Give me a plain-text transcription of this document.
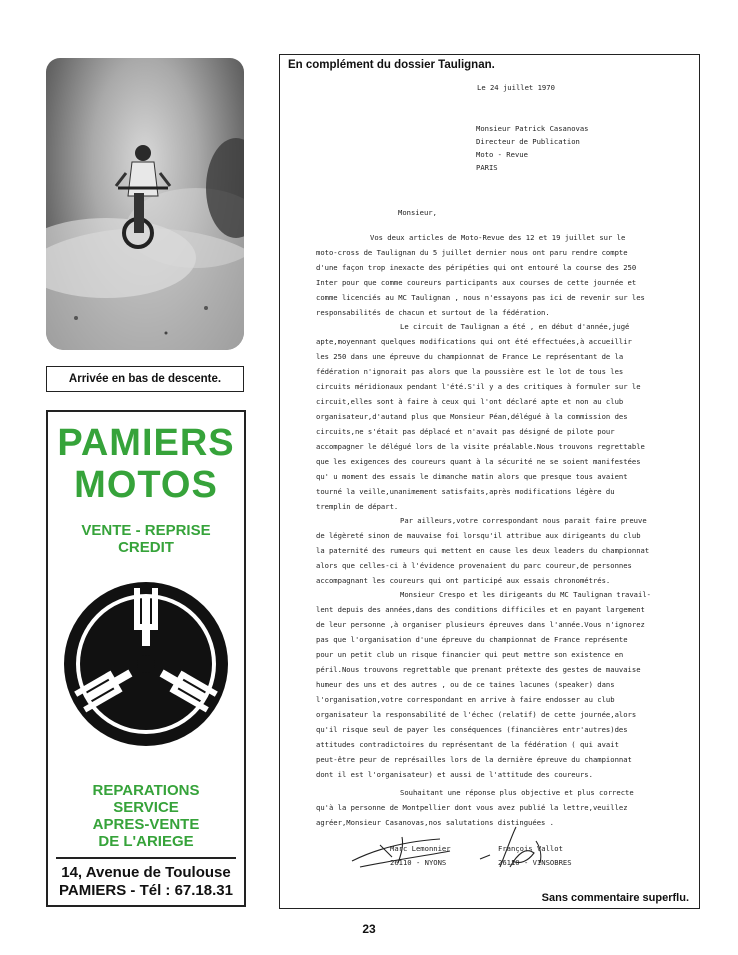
Arrivée en bas de descente.
PAMIERS
MOTOS
VENTE - REPRISE
CREDIT
REPARATIONS
SERVICE
APRES-VENTE
DE L'ARIEGE
14, Avenue de Toulouse
PAMIERS - Tél : 67.18.31
En complément du dossier Taulignan.
Le 24 juillet 1970
Monsieur Patrick Casanovas
Directeur de Publication
Moto - Revue
PARIS
Monsieur,
Vos deux articles de Moto-Revue des 12 et 19 juillet sur le
moto-cross de Taulignan du 5 juillet dernier nous ont paru rendre compte
d'une façon trop inexacte des péripéties qui ont entouré la course des 250
Inter pour que comme coureurs participants aux courses de cette journée et
comme licenciés au MC Taulignan , nous n'essayons pas ici de revenir sur les
responsabilités de chacun et surtout de la fédération.
Le circuit de Taulignan a été , en début d'année,jugé
apte,moyennant quelques modifications qui ont été effectuées,à accueillir
les 250 dans une épreuve du championnat de France Le représentant de la
fédération n'ignorait pas alors que la poussière est le lot de tous les
circuits méridionaux pendant l'été.S'il y a des critiques à formuler sur le
circuit,elles sont à faire à ceux qui l'ont déclaré apte et non au club
organisateur,d'autand plus que Monsieur Péan,délégué à la commission des
circuits,ne s'était pas déplacé et n'avait pas désigné de pilote pour
accompagner le délégué lors de la visite préalable.Nous trouvons regrettable
que les exigences des coureurs quant à la sécurité ne se soient manifestées
qu' u moment des essais le dimanche matin alors que presque tous avaient
tourné la veille,unanimement satisfaits,après modifications légère du
tremplin de départ.
Par ailleurs,votre correspondant nous parait faire preuve
de légèreté sinon de mauvaise foi lorsqu'il attribue aux dirigeants du club
la paternité des rumeurs qui mettent en cause les deux leaders du championnat
alors que celles-ci à l'évidence provenaient du parc coureur,de personnes
accompagnant les coureurs qui ont participé aux essais chronométrés.
Monsieur Crespo et les dirigeants du MC Taulignan travail-
lent depuis des années,dans des conditions difficiles et en payant largement
de leur personne ,à organiser plusieurs épreuves dans l'année.Vous n'ignorez
pas que l'organisation d'une épreuve du championnat de France représente
pour un petit club un risque financier qui peut mettre son existence en
péril.Nous trouvons regrettable que prenant prétexte des gestes de mauvaise
humeur des uns et des autres , ou de ce taines lacunes (speaker) dans
l'organisation,votre correspondant en arrive à faire endosser au club
organisateur la responsabilité de l'échec (relatif) de cette journée,alors
qu'il risque seul de payer les conséquences (financières entr'autres)des
attitudes contradictoires du représentant de la fédération ( qui avait
peut-être peur de représailles lors de la dernière épreuve du championnat
dont il est l'organisateur) et aussi de l'attitude des coureurs.
Souhaitant une réponse plus objective et plus correcte
qu'à la personne de Montpellier dont vous avez publié la lettre,veuillez
agréer,Monsieur Casanovas,nos salutations distinguées .
Marc Lemonnier
26110 - NYONS
François Vallot
26110 - VINSOBRES
Sans commentaire superflu.
23
